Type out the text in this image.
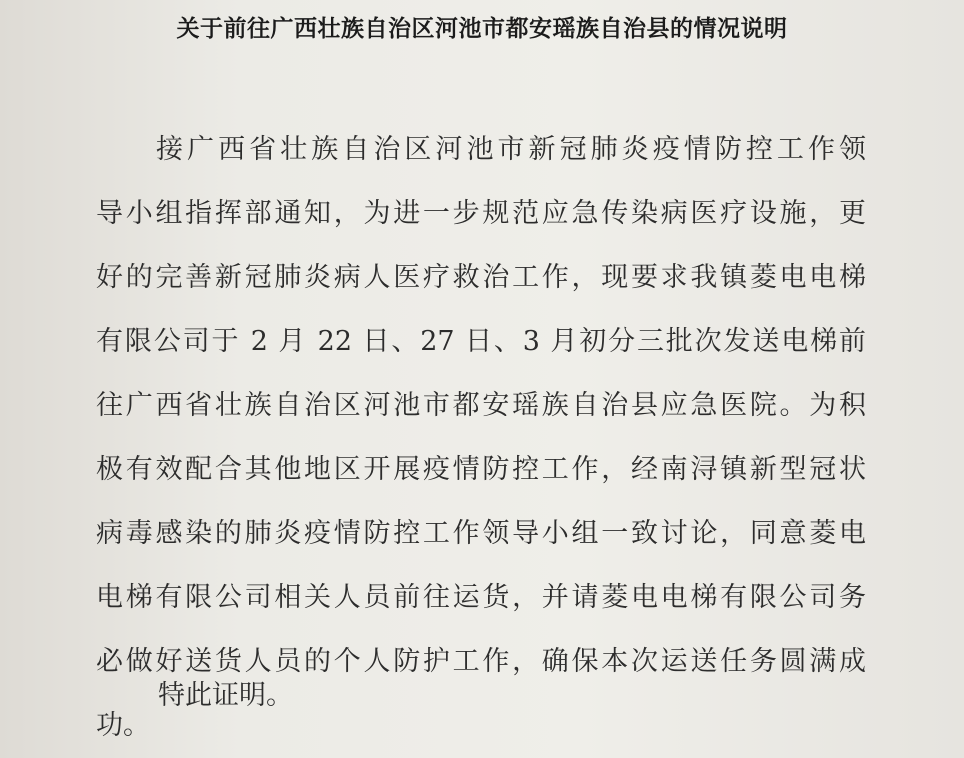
关于前往广西壮族自治区河池市都安瑶族自治县的情况说明
接广西省壮族自治区河池市新冠肺炎疫情防控工作领
导小组指挥部通知，为进一步规范应急传染病医疗设施，更
好的完善新冠肺炎病人医疗救治工作，现要求我镇菱电电梯
有限公司于 2 月 22 日、27 日、3 月初分三批次发送电梯前
往广西省壮族自治区河池市都安瑶族自治县应急医院。为积
极有效配合其他地区开展疫情防控工作，经南浔镇新型冠状
病毒感染的肺炎疫情防控工作领导小组一致讨论，同意菱电
电梯有限公司相关人员前往运货，并请菱电电梯有限公司务
必做好送货人员的个人防护工作，确保本次运送任务圆满成
功。
特此证明。
